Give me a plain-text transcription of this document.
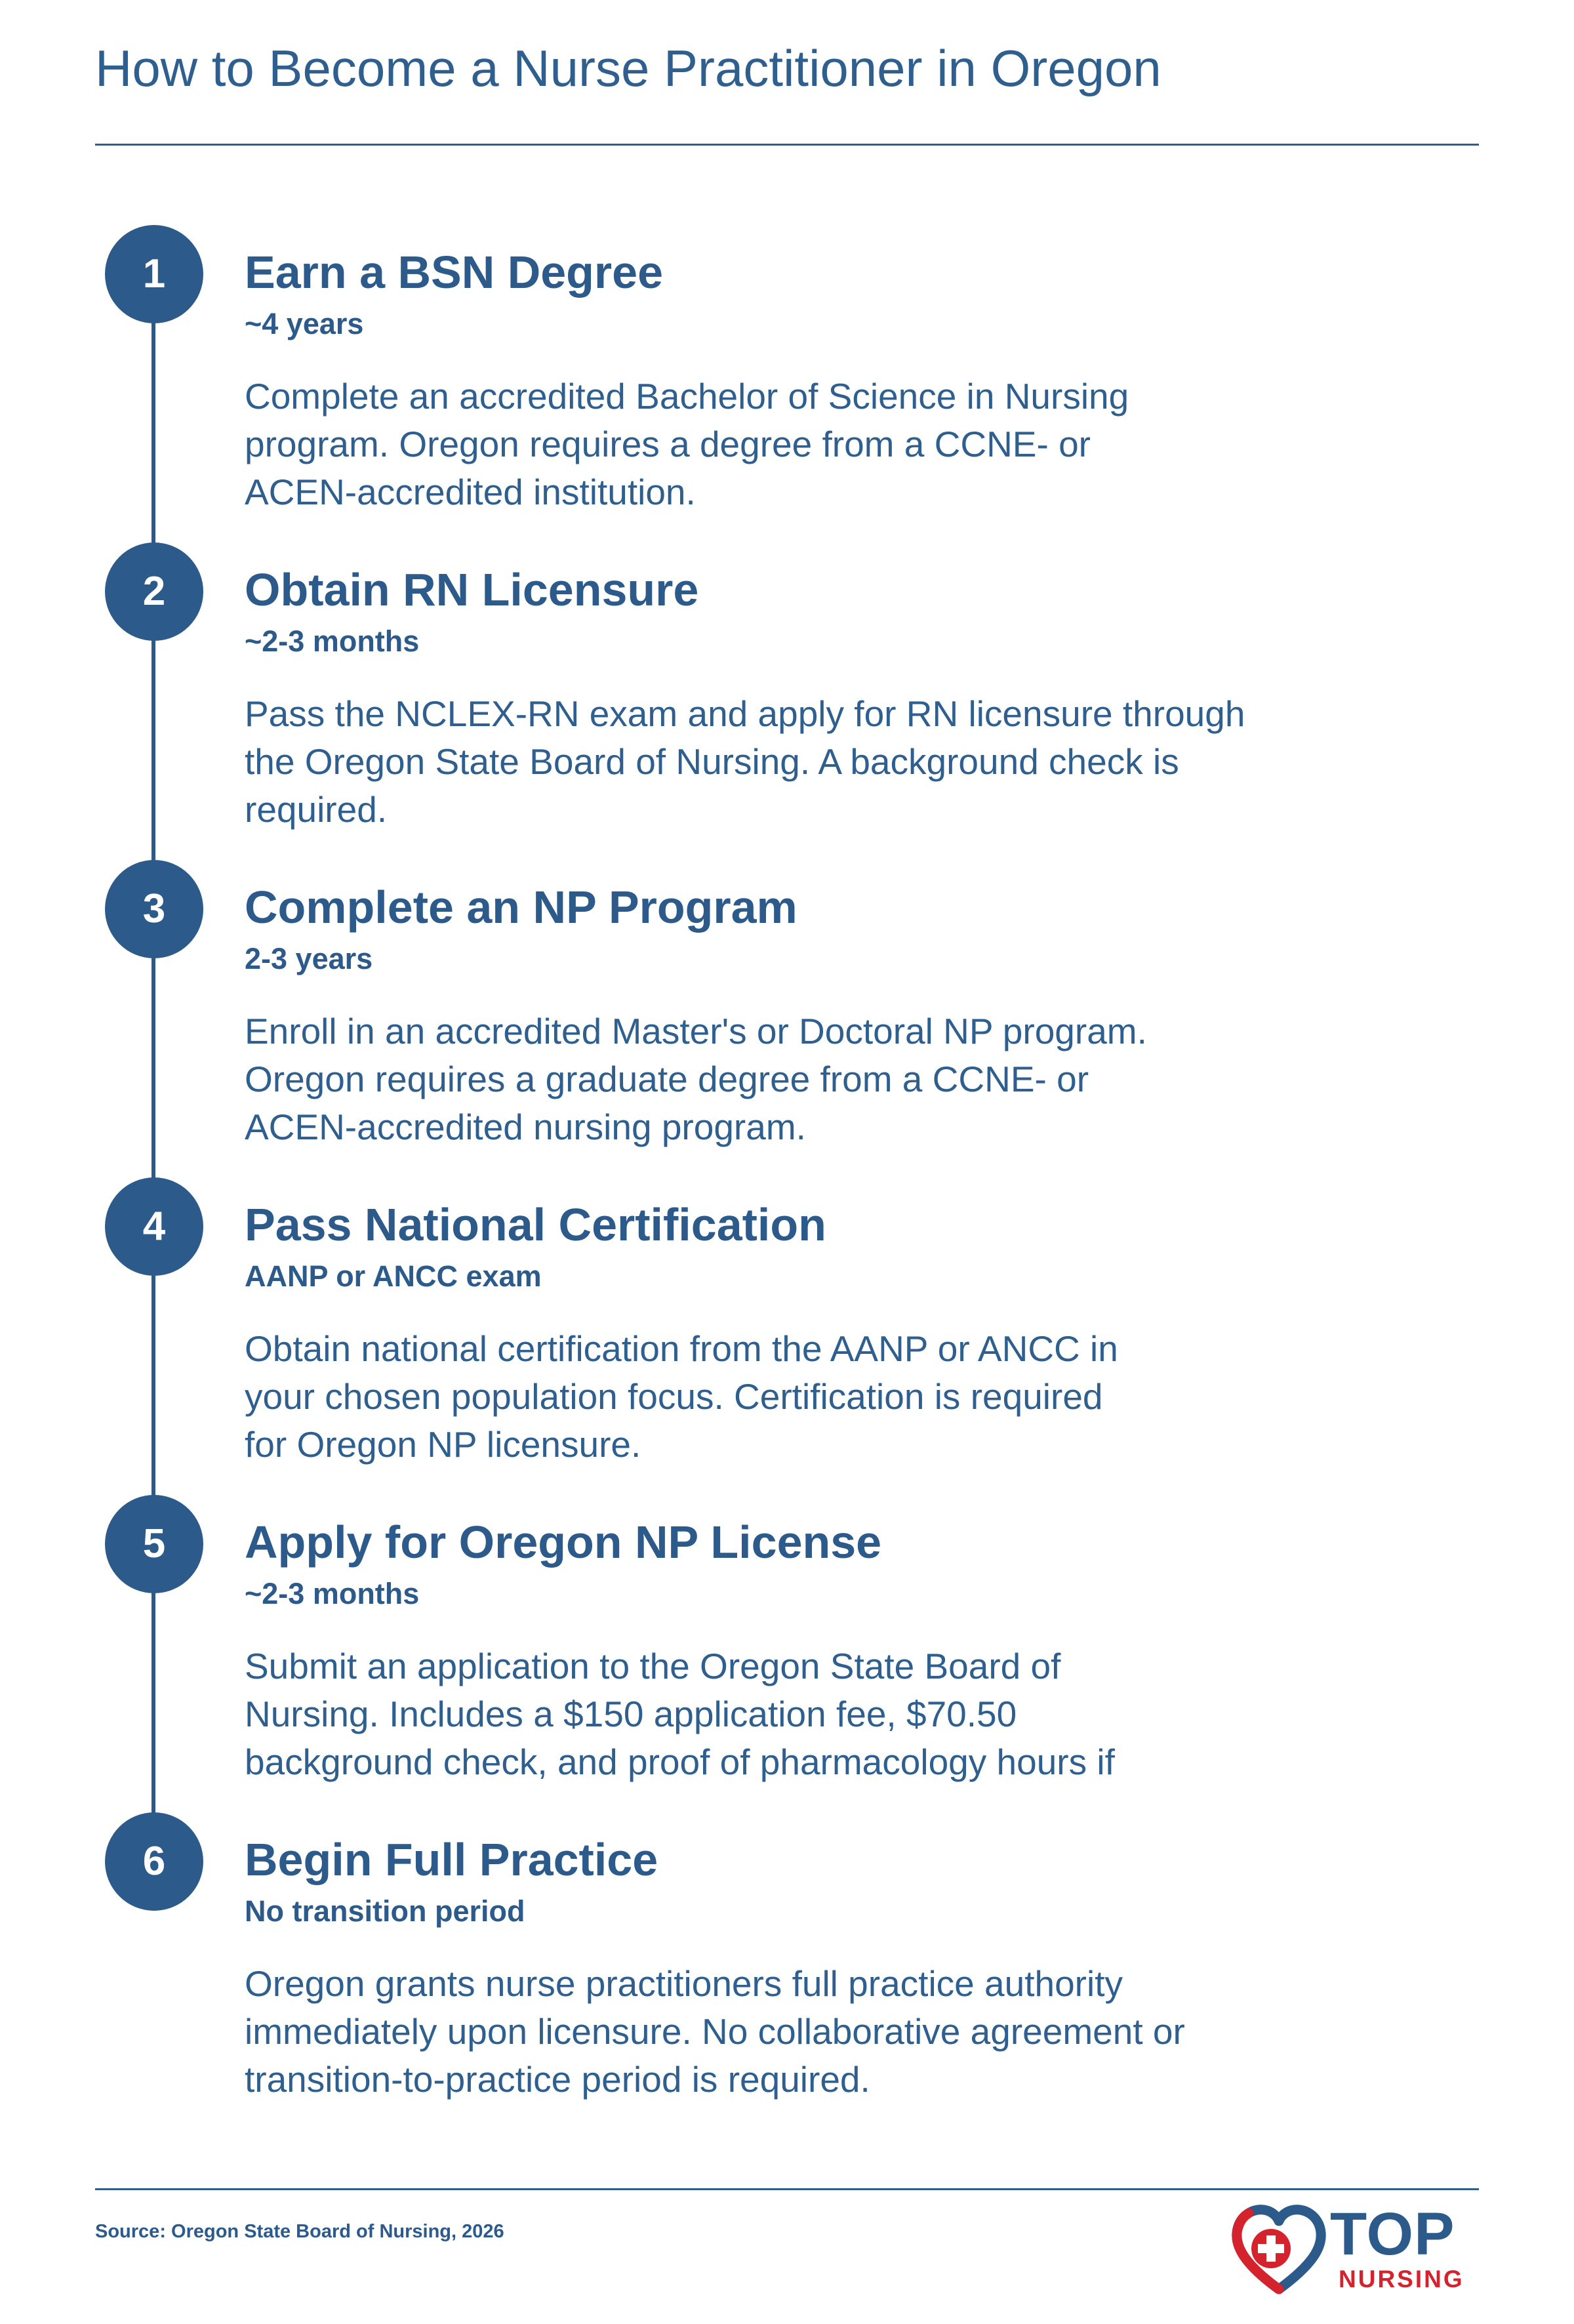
How to Become a Nurse Practitioner in Oregon
1	Earn a BSN Degree
~4 years

Complete an accredited Bachelor of Science in Nursing
program. Oregon requires a degree from a CCNE- or
ACEN-accredited institution.

2	Obtain RN Licensure
~2-3 months

Pass the NCLEX-RN exam and apply for RN licensure through
the Oregon State Board of Nursing. A background check is
required.

3	Complete an NP Program
2-3 years

Enroll in an accredited Master's or Doctoral NP program.
Oregon requires a graduate degree from a CCNE- or
ACEN-accredited nursing program.

4	Pass National Certification
AANP or ANCC exam

Obtain national certification from the AANP or ANCC in
your chosen population focus. Certification is required
for Oregon NP licensure.

5	Apply for Oregon NP License
~2-3 months

Submit an application to the Oregon State Board of
Nursing. Includes a $150 application fee, $70.50
background check, and proof of pharmacology hours if

6	Begin Full Practice
No transition period

Oregon grants nurse practitioners full practice authority
immediately upon licensure. No collaborative agreement or
transition-to-practice period is required.

Source: Oregon State Board of Nursing, 2026	TOP
NURSING
